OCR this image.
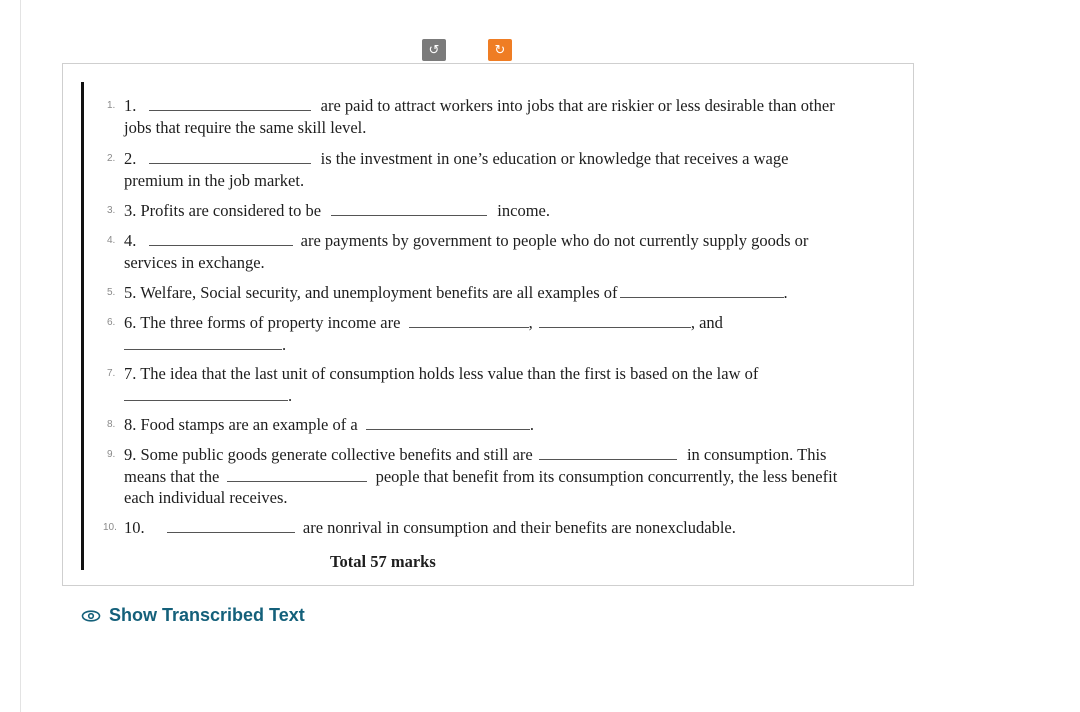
↺	↻
1. 1.	are paid to attract workers into jobs that are riskier or less desirable than other
jobs that require the same skill level.
2. 2.	is the investment in one’s education or knowledge that receives a wage
premium in the job market.
3. 3. Profits are considered to be	income.
4. 4.	are payments by government to people who do not currently supply goods or
services in exchange.
5. 5. Welfare, Social security, and unemployment benefits are all examples of	.
6. 6. The three forms of property income are	,	, and
.
7. 7. The idea that the last unit of consumption holds less value than the first is based on the law of
.
8. 8. Food stamps are an example of a	.
9. 9. Some public goods generate collective benefits and still are	in consumption. This
means that the	people that benefit from its consumption concurrently, the less benefit
each individual receives.
10. 10.	are nonrival in consumption and their benefits are nonexcludable.
Total 57 marks
Show Transcribed Text
